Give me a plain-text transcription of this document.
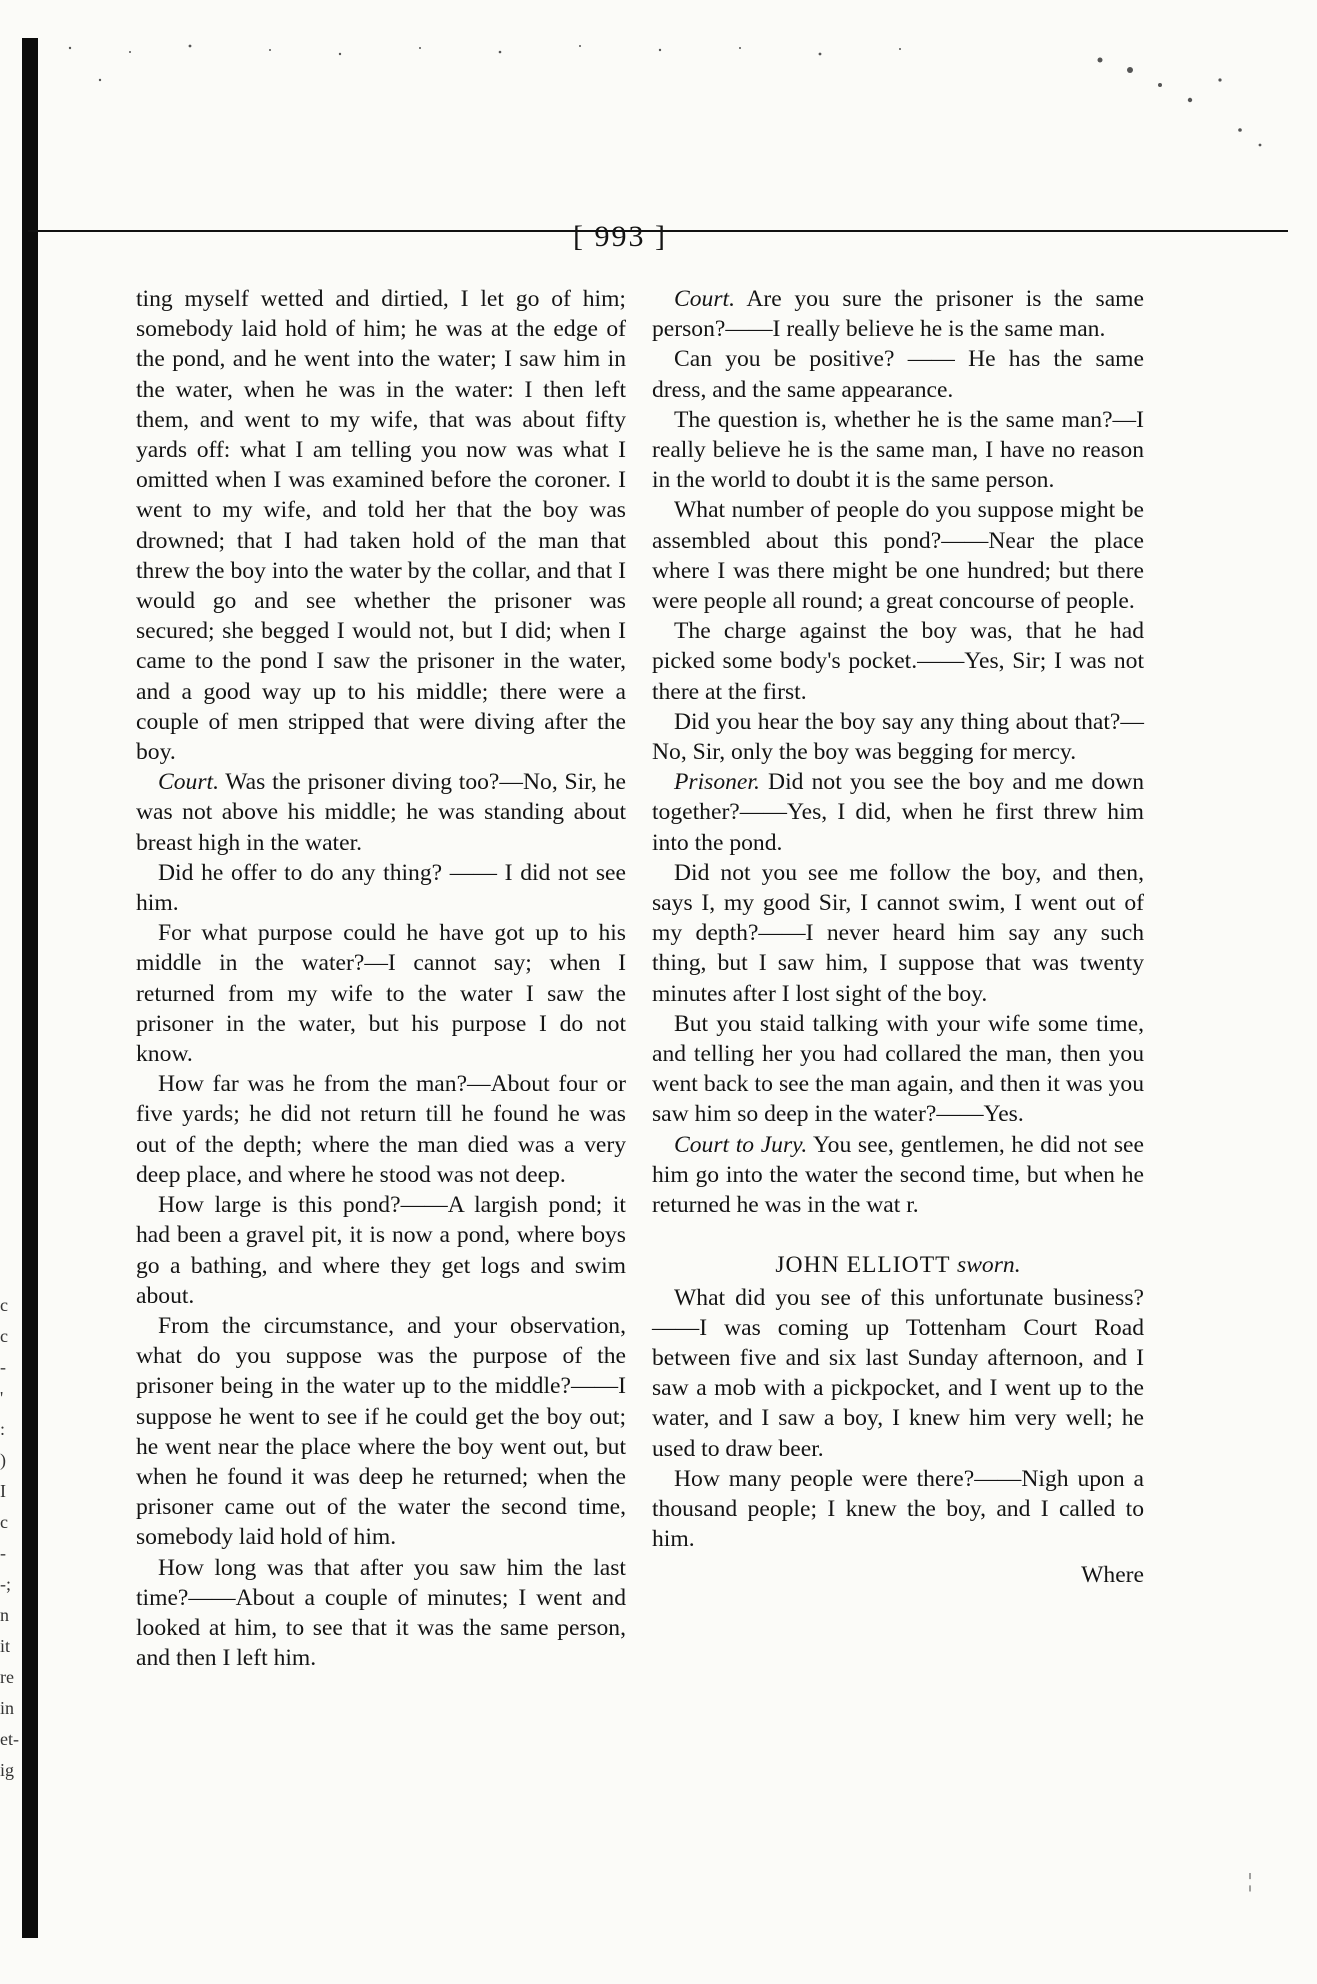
[ 993 ]
c
c
-
'
:
)
I
c
-
-;
n
it
re
in
et-
ig

ting myself wetted and dirtied, I let go of him; somebody laid hold of him; he was at the edge of the pond, and he went into the water; I saw him in the water, when he was in the water: I then left them, and went to my wife, that was about fifty yards off: what I am telling you now was what I omitted when I was examined before the coroner. I went to my wife, and told her that the boy was drowned; that I had taken hold of the man that threw the boy into the water by the collar, and that I would go and see whether the prisoner was secured; she begged I would not, but I did; when I came to the pond I saw the prisoner in the water, and a good way up to his middle; there were a couple of men stripped that were diving after the boy.

Court. Was the prisoner diving too?—No, Sir, he was not above his middle; he was standing about breast high in the water.

Did he offer to do any thing? —— I did not see him.

For what purpose could he have got up to his middle in the water?—I cannot say; when I returned from my wife to the water I saw the prisoner in the water, but his purpose I do not know.

How far was he from the man?—About four or five yards; he did not return till he found he was out of the depth; where the man died was a very deep place, and where he stood was not deep.

How large is this pond?——A largish pond; it had been a gravel pit, it is now a pond, where boys go a bathing, and where they get logs and swim about.

From the circumstance, and your observation, what do you suppose was the purpose of the prisoner being in the water up to the middle?——I suppose he went to see if he could get the boy out; he went near the place where the boy went out, but when he found it was deep he returned; when the prisoner came out of the water the second time, somebody laid hold of him.

How long was that after you saw him the last time?——About a couple of minutes; I went and looked at him, to see that it was the same person, and then I left him.

Court. Are you sure the prisoner is the same person?——I really believe he is the same man.

Can you be positive? —— He has the same dress, and the same appearance.

The question is, whether he is the same man?—I really believe he is the same man, I have no reason in the world to doubt it is the same person.

What number of people do you suppose might be assembled about this pond?——Near the place where I was there might be one hundred; but there were people all round; a great concourse of people.

The charge against the boy was, that he had picked some body's pocket.——Yes, Sir; I was not there at the first.

Did you hear the boy say any thing about that?—No, Sir, only the boy was begging for mercy.

Prisoner. Did not you see the boy and me down together?——Yes, I did, when he first threw him into the pond.

Did not you see me follow the boy, and then, says I, my good Sir, I cannot swim, I went out of my depth?——I never heard him say any such thing, but I saw him, I suppose that was twenty minutes after I lost sight of the boy.

But you staid talking with your wife some time, and telling her you had collared the man, then you went back to see the man again, and then it was you saw him so deep in the water?——Yes.

Court to Jury. You see, gentlemen, he did not see him go into the water the second time, but when he returned he was in the wat r.

JOHN ELLIOTT sworn.

What did you see of this unfortunate business?——I was coming up Tottenham Court Road between five and six last Sunday afternoon, and I saw a mob with a pickpocket, and I went up to the water, and I saw a boy, I knew him very well; he used to draw beer.

How many people were there?——Nigh upon a thousand people; I knew the boy, and I called to him.

Where

¦
